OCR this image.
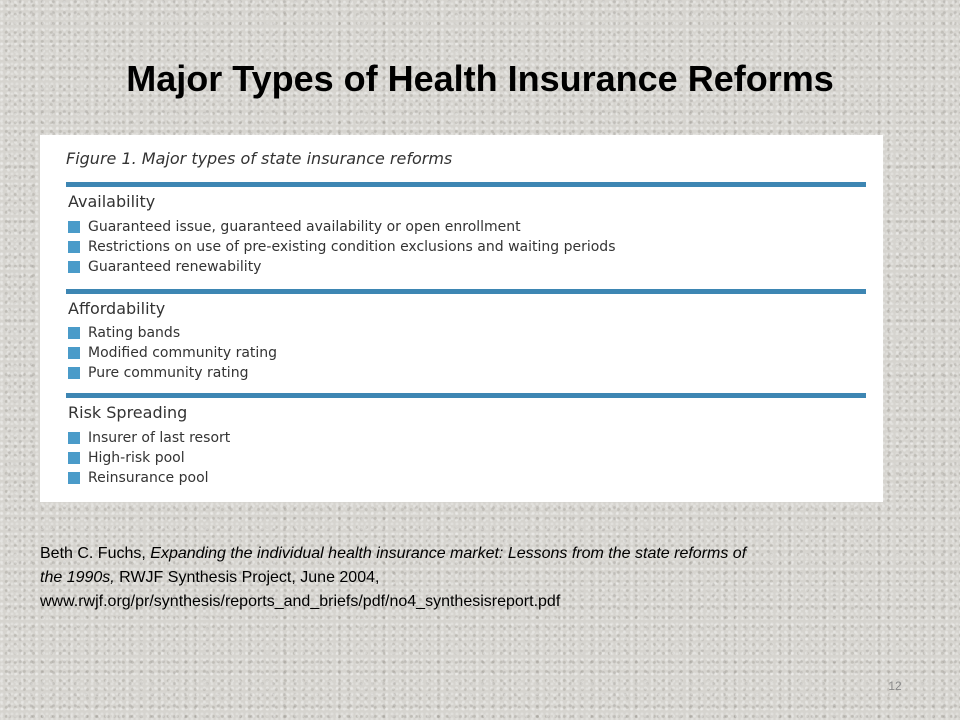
Major Types of Health Insurance Reforms
Figure 1. Major types of state insurance reforms
Availability
Guaranteed issue, guaranteed availability or open enrollment
Restrictions on use of pre-existing condition exclusions and waiting periods
Guaranteed renewability
Affordability
Rating bands
Modified community rating
Pure community rating
Risk Spreading
Insurer of last resort
High-risk pool
Reinsurance pool
Beth C. Fuchs, Expanding the individual health insurance market: Lessons from the state reforms of
the 1990s, RWJF Synthesis Project, June 2004,
www.rwjf.org/pr/synthesis/reports_and_briefs/pdf/no4_synthesisreport.pdf
12
